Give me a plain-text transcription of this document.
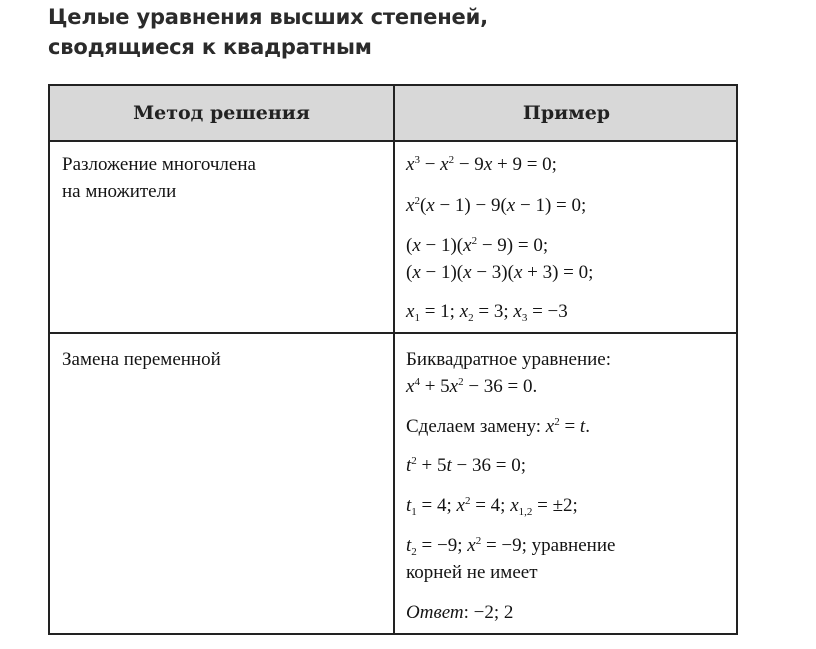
Целые уравнения высших степеней,
сводящиеся к квадратным
Метод решения	Пример
Разложение многочлена
на множители
$x^3 - x^2 - 9x + 9 = 0$;
$x^2(x - 1) - 9(x - 1) = 0$;
$(x - 1)(x^2 - 9) = 0$;
(x − 1)(x − 3)(x + 3) = 0;
$x_1 = 1$; $x_2 = 3$; $x_3 = -3$
Замена переменной	Биквадратное уравнение:
$x^4 + 5x^2 - 36 = 0$.
Сделаем замену: $x^2 = t$.
$t^2 + 5t - 36 = 0$;
$t_1 = 4$; $x^2 = 4$; $x_{1,2} = \pm 2$;
$t_2 = -9$; $x^2 = -9$; уравнение
корней не имеет
Ответ: −2; 2
